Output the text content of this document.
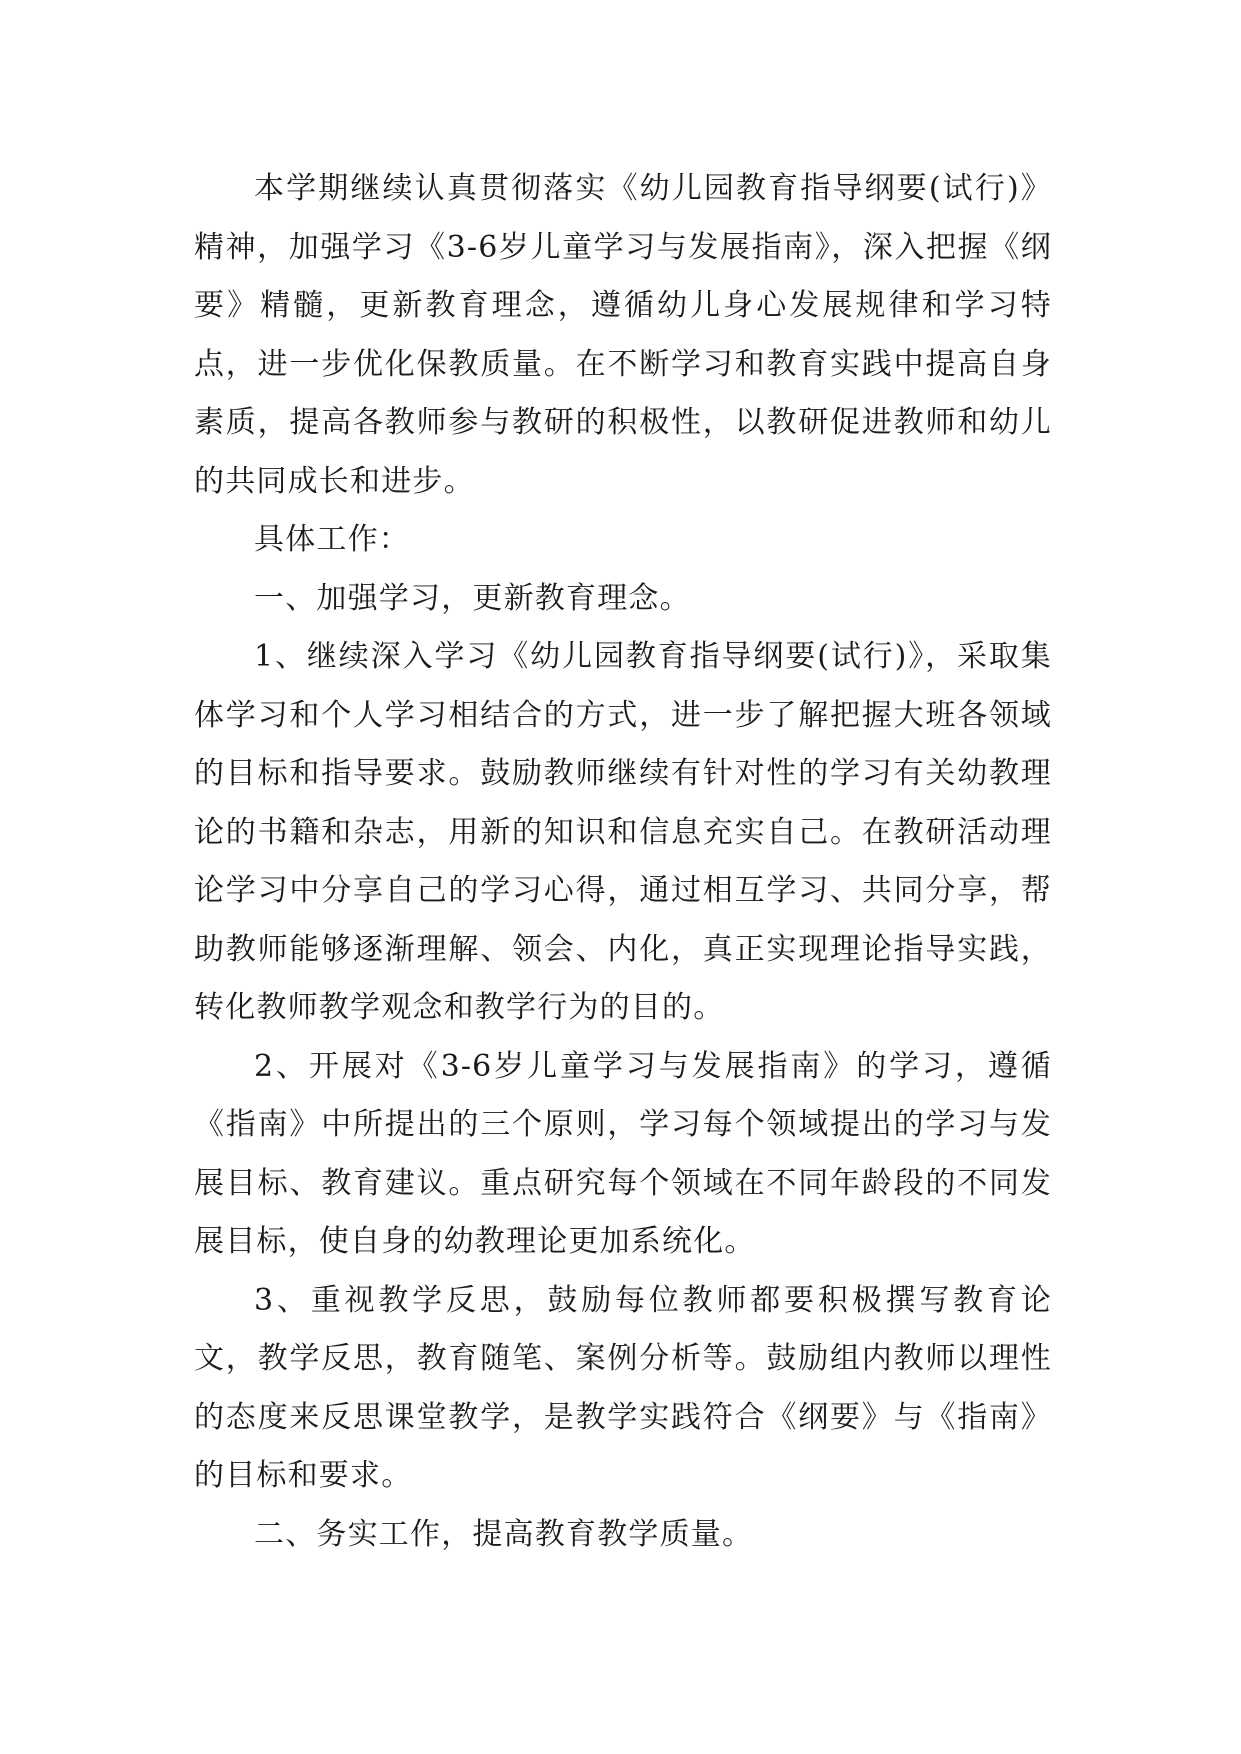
本学期继续认真贯彻落实《幼儿园教育指导纲要(试行)》精神，加强学习《3-6岁儿童学习与发展指南》，深入把握《纲要》精髓，更新教育理念，遵循幼儿身心发展规律和学习特点，进一步优化保教质量。在不断学习和教育实践中提高自身素质，提高各教师参与教研的积极性，以教研促进教师和幼儿的共同成长和进步。

具体工作：

一、加强学习，更新教育理念。

1、继续深入学习《幼儿园教育指导纲要(试行)》，采取集体学习和个人学习相结合的方式，进一步了解把握大班各领域的目标和指导要求。鼓励教师继续有针对性的学习有关幼教理论的书籍和杂志，用新的知识和信息充实自己。在教研活动理论学习中分享自己的学习心得，通过相互学习、共同分享，帮助教师能够逐渐理解、领会、内化，真正实现理论指导实践，转化教师教学观念和教学行为的目的。

2、开展对《3-6岁儿童学习与发展指南》的学习，遵循《指南》中所提出的三个原则，学习每个领域提出的学习与发展目标、教育建议。重点研究每个领域在不同年龄段的不同发展目标，使自身的幼教理论更加系统化。

3、重视教学反思，鼓励每位教师都要积极撰写教育论文，教学反思，教育随笔、案例分析等。鼓励组内教师以理性的态度来反思课堂教学，是教学实践符合《纲要》与《指南》的目标和要求。

二、务实工作，提高教育教学质量。
